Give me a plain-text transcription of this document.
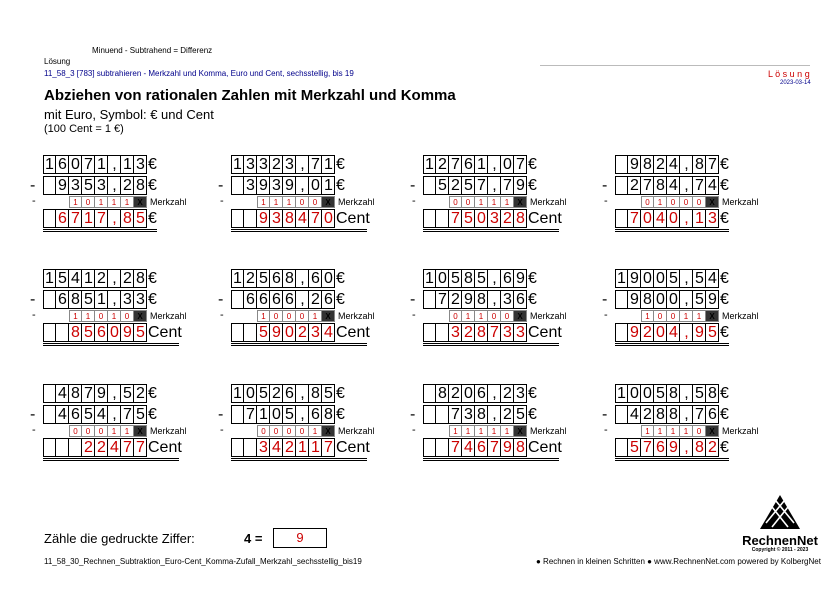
Minuend - Subtrahend = Differenz
Lösung
11_58_3 [783] subtrahieren - Merkzahl und Komma, Euro und Cent, sechsstellig, bis 19	L ö s u n g
2023-03-14
Abziehen von rationalen Zahlen mit Merkzahl und Komma
mit Euro, Symbol: € und Cent
(100 Cent = 1 €)
1 6 0 7 1 , 1 3 €
9 3 5 3 , 2 8 €
-
-	1	0	1	1	1	X Merkzahl
6 7 1 7 , 8 5 €
1 3 3 2 3 , 7 1 €
3 9 3 9 , 0 1 €
-
-	1	1	1	0	0	X Merkzahl
9 3 8 4 7 0 Cent
1 2 7 6 1 , 0 7 €
5 2 5 7 , 7 9 €
-
-	0	0	1	1	1	X Merkzahl
7 5 0 3 2 8 Cent
9 8 2 4 , 8 7 €
2 7 8 4 , 7 4 €
-
-	0	1	0	0	0	X Merkzahl
7 0 4 0 , 1 3 €
1 5 4 1 2 , 2 8 €
6 8 5 1 , 3 3 €
-
-	1	1	0	1	0	X Merkzahl
8 5 6 0 9 5 Cent
1 2 5 6 8 , 6 0 €
6 6 6 6 , 2 6 €
-
-	1	0	0	0	1	X Merkzahl
5 9 0 2 3 4 Cent
1 0 5 8 5 , 6 9 €
7 2 9 8 , 3 6 €
-
-	0	1	1	0	0	X Merkzahl
3 2 8 7 3 3 Cent
1 9 0 0 5 , 5 4 €
9 8 0 0 , 5 9 €
-
-	1	0	0	1	1	X Merkzahl
9 2 0 4 , 9 5 €
4 8 7 9 , 5 2 €
4 6 5 4 , 7 5 €
-
-	0	0	0	1	1	X Merkzahl
2 2 4 7 7 Cent
1 0 5 2 6 , 8 5 €
7 1 0 5 , 6 8 €
-
-	0	0	0	0	1	X Merkzahl
3 4 2 1 1 7 Cent
8 2 0 6 , 2 3 €
7 3 8 , 2 5 €
-
-	1	1	1	1	1	X Merkzahl
7 4 6 7 9 8 Cent
1 0 0 5 8 , 5 8 €
4 2 8 8 , 7 6 €
-
-	1	1	1	1	0	X Merkzahl
5 7 6 9 , 8 2 €
Zähle die gedruckte Ziffer:	4 =	9	RechnenNet
Copyright © 2011 - 2023
11_58_30_Rechnen_Subtraktion_Euro-Cent_Komma-Zufall_Merkzahl_sechsstellig_bis19	● Rechnen in kleinen Schritten ● www.RechnenNet.com powered by KolbergNet
